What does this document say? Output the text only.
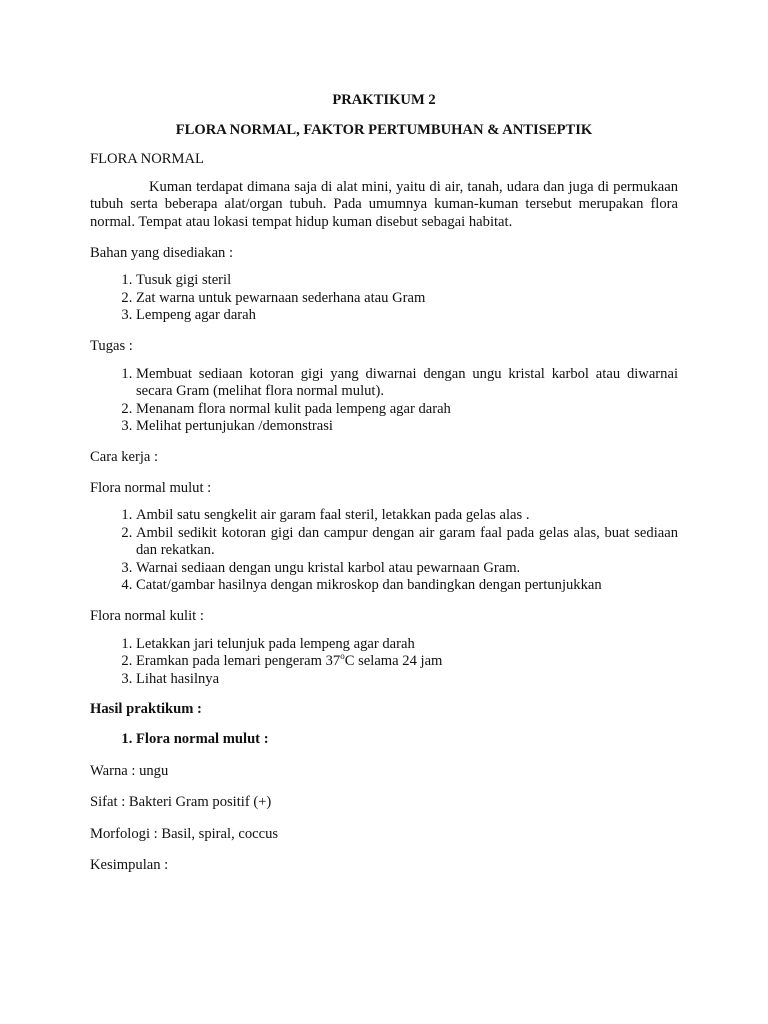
PRAKTIKUM 2
FLORA NORMAL, FAKTOR PERTUMBUHAN & ANTISEPTIK
FLORA NORMAL
Kuman terdapat dimana saja di alat mini, yaitu di air, tanah, udara dan juga di permukaan tubuh serta beberapa alat/organ tubuh. Pada umumnya kuman-kuman tersebut merupakan flora normal. Tempat atau lokasi tempat hidup kuman disebut sebagai habitat.
Bahan yang disediakan :
1. Tusuk gigi steril
2. Zat warna untuk pewarnaan sederhana atau Gram
3. Lempeng agar darah
Tugas :
1. Membuat sediaan kotoran gigi yang diwarnai dengan ungu kristal karbol atau diwarnai secara Gram (melihat flora normal mulut).
2. Menanam flora normal kulit pada lempeng agar darah
3. Melihat pertunjukan /demonstrasi
Cara kerja :
Flora normal mulut :
1. Ambil satu sengkelit air garam faal steril, letakkan pada gelas alas .
2. Ambil sedikit kotoran gigi dan campur dengan air garam faal pada gelas alas, buat sediaan dan rekatkan.
3. Warnai sediaan dengan ungu kristal karbol atau pewarnaan Gram.
4. Catat/gambar hasilnya dengan mikroskop dan bandingkan dengan pertunjukkan
Flora normal kulit :
1. Letakkan jari telunjuk pada lempeng agar darah
2. Eramkan pada lemari pengeram 37$^o$C selama 24 jam
3. Lihat hasilnya
Hasil praktikum :
1. Flora normal mulut :
Warna : ungu
Sifat : Bakteri Gram positif (+)
Morfologi : Basil, spiral, coccus
Kesimpulan :
